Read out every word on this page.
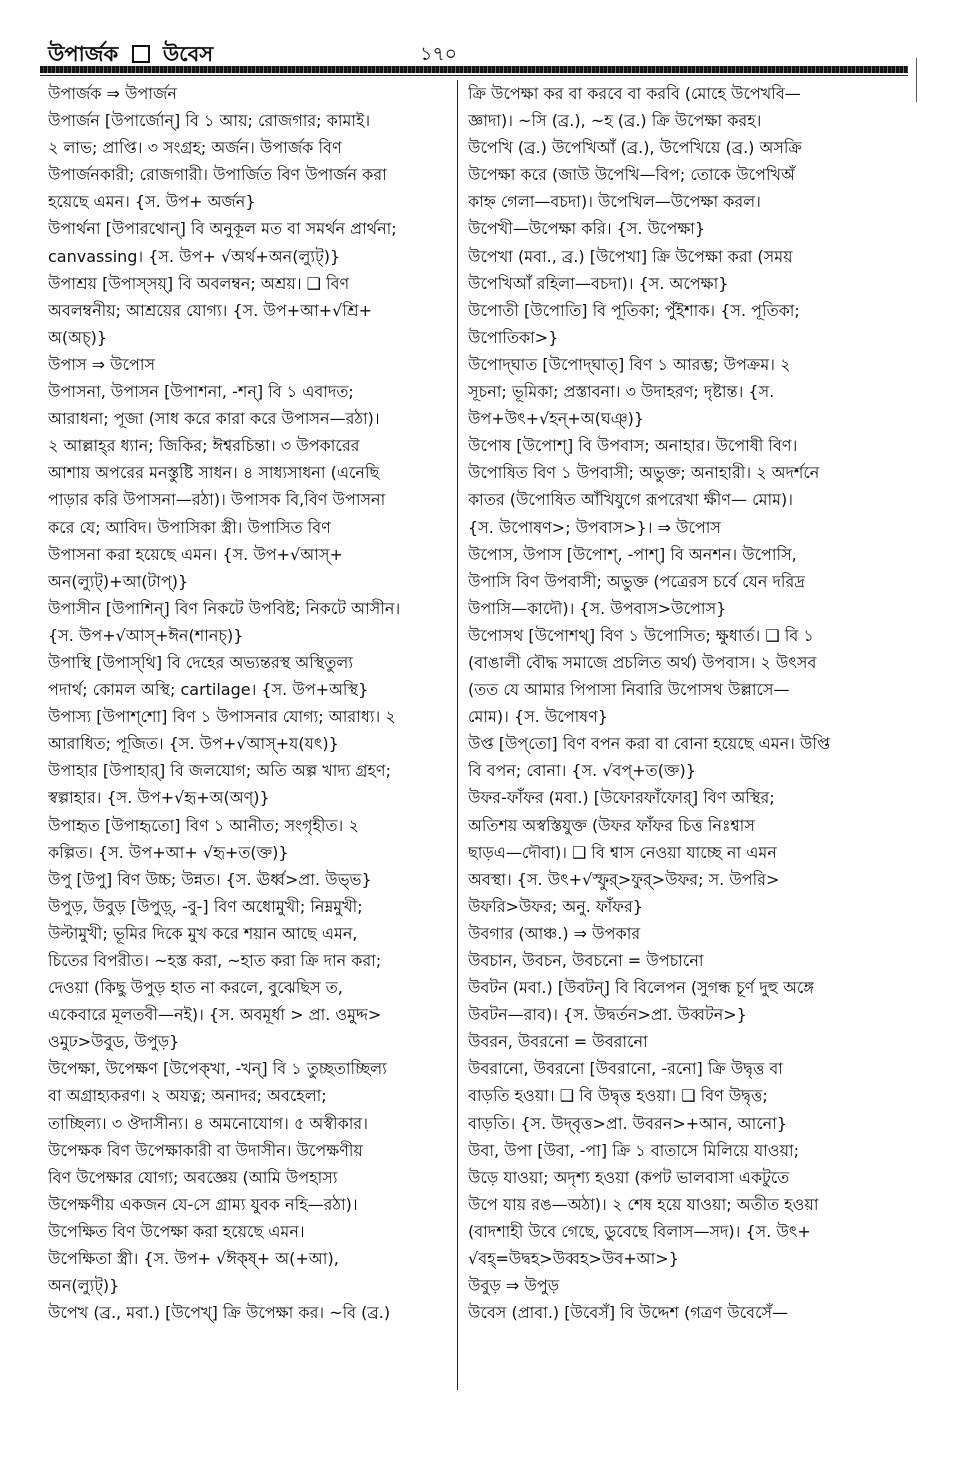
উপার্জক উবেস	১৭০
উপার্জক ⇒ উপার্জন
উপার্জন [উপার্জোন্] বি ১ আয়; রোজগার; কামাই।
২ লাভ; প্রাপ্তি। ৩ সংগ্রহ; অর্জন। উপার্জক বিণ
উপার্জনকারী; রোজগারী। উপার্জিত বিণ উপার্জন করা
হয়েছে এমন। {স. উপ+ অর্জন}
উপার্থনা [উপারথোন্] বি অনুকূল মত বা সমর্থন প্রার্থনা;
canvassing। {স. উপ+ √অর্থ+অন(ল্যুট্)}
উপাশ্রয় [উপাস্‌সয়্] বি অবলম্বন; অশ্রয়। ❑ বিণ
অবলম্বনীয়; আশ্রয়ের যোগ্য। {স. উপ+আ+√শ্রি+
অ(অচ্)}
উপাস ⇒ উপোস
উপাসনা, উপাসন [উপাশনা, -শন্] বি ১ এবাদত;
আরাধনা; পূজা (সাধ করে কারা করে উপাসন—রঠা)।
২ আল্লাহ্‌র ধ্যান; জিকির; ঈশ্বরচিন্তা। ৩ উপকারের
আশায় অপরের মনস্তুষ্টি সাধন। ৪ সাধ্যসাধনা (এনেছি
পাড়ার করি উপাসনা—রঠা)। উপাসক বি,বিণ উপাসনা
করে যে; আবিদ। উপাসিকা স্ত্রী। উপাসিত বিণ
উপাসনা করা হয়েছে এমন। {স. উপ+√আস্+
অন(ল্যুট্)+আ(টাপ্)}
উপাসীন [উপাশিন্] বিণ নিকটে উপবিষ্ট; নিকটে আসীন।
{স. উপ+√আস্+ঈন(শানচ্)}
উপাস্থি [উপাস্‌থি] বি দেহের অভ্যন্তরস্থ অস্থিতুল্য
পদার্থ; কোমল অস্থি; cartilage। {স. উপ+অস্থি}
উপাস্য [উপাশ্‌শো] বিণ ১ উপাসনার যোগ্য; আরাধ্য। ২
আরাধিত; পূজিত। {স. উপ+√আস্+য(যৎ)}
উপাহার [উপাহার্] বি জলযোগ; অতি অল্প খাদ্য গ্রহণ;
স্বল্পাহার। {স. উপ+√হৃ+অ(অণ্)}
উপাহৃত [উপাহৃতো] বিণ ১ আনীত; সংগৃহীত। ২
কল্পিত। {স. উপ+আ+ √হৃ+ত(ক্ত)}
উপু [উপু] বিণ উচ্চ; উন্নত। {স. ঊর্ধ্ব>প্রা. উভ্ভ}
উপুড়, উবুড় [উপুড়্, -বু-] বিণ অধোমুখী; নিম্নমুখী;
উল্টামুখী; ভূমির দিকে মুখ করে শয়ান আছে এমন,
চিতের বিপরীত। ~হস্ত করা, ~হাত করা ক্রি দান করা;
দেওয়া (কিছু উপুড় হাত না করলে, বুঝেছিস ত,
একেবারে মূলতবী—নই)। {স. অবমূর্ধা > প্রা. ওমুদ্দ>
ওমুঢ>উবুড, উপুড়}
উপেক্ষা, উপেক্ষণ [উপেক্‌খা, -খন্] বি ১ তুচ্ছতাচ্ছিল্য
বা অগ্রাহ্যকরণ। ২ অযত্ন; অনাদর; অবহেলা;
তাচ্ছিল্য। ৩ ঔদাসীন্য। ৪ অমনোযোগ। ৫ অস্বীকার।
উপেক্ষক বিণ উপেক্ষাকারী বা উদাসীন। উপেক্ষণীয়
বিণ উপেক্ষার যোগ্য; অবজ্ঞেয় (আমি উপহাস্য
উপেক্ষণীয় একজন যে-সে গ্রাম্য যুবক নহি—রঠা)।
উপেক্ষিত বিণ উপেক্ষা করা হয়েছে এমন।
উপেক্ষিতা স্ত্রী। {স. উপ+ √ঈক্ষ্+ অ(+আ),
অন(ল্যুট্)}
উপেখ (ব্র., মবা.) [উপেখ্] ক্রি উপেক্ষা কর। ~বি (ব্র.)
ক্রি উপেক্ষা কর বা করবে বা করবি (মোহে উপেখবি—
জ্ঞাদা)। ~সি (ব্র.), ~হ (ব্র.) ক্রি উপেক্ষা করহ।
উপেখি (ব্র.) উপেখিআঁ (ব্র.), উপেখিয়ে (ব্র.) অসক্রি
উপেক্ষা করে (জাউ উপেখি—বিপ; তোকে উপেখিঅঁ
কাহ্ন গেলা—বচদা)। উপেখিল—উপেক্ষা করল।
উপেখী—উপেক্ষা করি। {স. উপেক্ষা}
উপেখা (মবা., ব্র.) [উপেখা] ক্রি উপেক্ষা করা (সময়
উপেখিআঁ রহিলা—বচদা)। {স. অপেক্ষা}
উপোতী [উপোতি] বি পূতিকা; পুঁইশাক। {স. পূতিকা;
উপোতিকা>}
উপোদ্‌ঘাত [উপোদ্‌ঘাত্] বিণ ১ আরম্ভ; উপক্রম। ২
সূচনা; ভূমিকা; প্রস্তাবনা। ৩ উদাহরণ; দৃষ্টান্ত। {স.
উপ+উৎ+√হন্+অ(ঘঞ্)}
উপোষ [উপোশ্] বি উপবাস; অনাহার। উপোষী বিণ।
উপোষিত বিণ ১ উপবাসী; অভুক্ত; অনাহারী। ২ অদর্শনে
কাতর (উপোষিত আঁখিযুগে রূপরেখা ক্ষীণ— মোম)।
{স. উপোষণ>; উপবাস>}। ⇒ উপোস
উপোস, উপাস [উপোশ্, -পাশ্] বি অনশন। উপোসি,
উপাসি বিণ উপবাসী; অভুক্ত (পত্রেরস চর্বে যেন দরিদ্র
উপাসি—কাদৌ)। {স. উপবাস>উপোস}
উপোসথ [উপোশথ্] বিণ ১ উপোসিত; ক্ষুধার্ত। ❑ বি ১
(বাঙালী বৌদ্ধ সমাজে প্রচলিত অর্থ) উপবাস। ২ উৎসব
(তত যে আমার পিপাসা নিবারি উপোসথ উল্লাসে—
মোম)। {স. উপোষণ}
উপ্ত [উপ্‌তো] বিণ বপন করা বা বোনা হয়েছে এমন। উপ্তি
বি বপন; বোনা। {স. √বপ্+ত(ক্ত)}
উফর-ফাঁফর (মবা.) [উফোরফাঁফোর্] বিণ অস্থির;
অতিশয় অস্বস্তিযুক্ত (উফর ফাঁফর চিত্ত নিঃশ্বাস
ছাড়এ—দৌবা)। ❑ বি শ্বাস নেওয়া যাচ্ছে না এমন
অবস্থা। {স. উৎ+√স্ফুর্>ফুর্>উফর; স. উপরি>
উফরি>উফর; অনু. ফাঁফর}
উবগার (আঞ্চ.) ⇒ উপকার
উবচান, উবচন, উবচনো = উপচানো
উবটন (মবা.) [উবটন্] বি বিলেপন (সুগন্ধ চূর্ণ দুহু অঙ্গে
উবটন—রাব)। {স. উদ্বর্তন>প্রা. উব্বটন>}
উবরন, উবরনো = উবরানো
উবরানো, উবরনো [উবরানো, -রনো] ক্রি উদ্বৃত্ত বা
বাড়তি হওয়া। ❑ বি উদ্বৃত্ত হওয়া। ❑ বিণ উদ্বৃত্ত;
বাড়তি। {স. উদ্‌বৃত্ত>প্রা. উবরন>+আন, আনো}
উবা, উপা [উবা, -পা] ক্রি ১ বাতাসে মিলিয়ে যাওয়া;
উড়ে যাওয়া; অদৃশ্য হওয়া (কপট ভালবাসা একটুতে
উপে যায় রঙ—অঠা)। ২ শেষ হয়ে যাওয়া; অতীত হওয়া
(বাদশাহী উবে গেছে, ডুবেছে বিলাস—সদ)। {স. উৎ+
√বহ্=উদ্বহ>উব্বহ>উব+আ>}
উবুড় ⇒ উপুড়
উবেস (প্রাবা.) [উবেসঁ] বি উদ্দেশ (গত্রণ উবেসেঁ—
